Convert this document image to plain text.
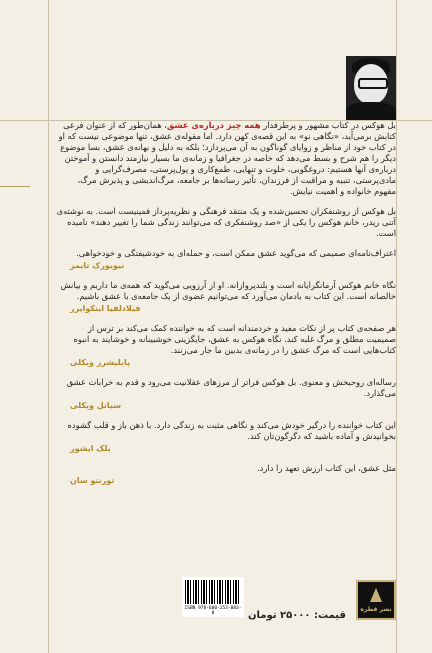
بل هوکس در کتاب مشهور و پرطرفدار همه چیز درباره‌ی عشق، همان‌طور که از عنوان فرعی کتابش برمی‌آید، «نگاهی نو» به این قصه‌ی کهن دارد. اما مقوله‌ی عشق، تنها موضوعی نیست که او در کتاب خود از مناظر و زوایای گوناگون به آن می‌پردازد؛ بلکه به دلیل و بهانه‌ی عشق، بسا موضوع دیگر را هم شرح و بسط می‌دهد که خاصه در جغرافیا و زمانه‌ی ما بسیار نیازمند دانستن و آموختن درباره‌ی آنها هستیم: دروغگویی، خلوت و تنهایی، طمع‌کاری و پول‌پرستی، مصرف‌گرایی و مادی‌پرستی، تنبیه و مراقبت از فرزندان، تأثیر رسانه‌ها بر جامعه، مرگ‌اندیشی و پذیرش مرگ، مفهوم خانواده و اهمیت نیایش.

بل هوکس از روشنفکران تحسین‌شده و یک منتقد فرهنگی و نظریه‌پرداز فمینیست است. به نوشته‌ی آتنی ریدر، خانم هوکس را یکی از «صد روشنفکری که می‌توانند زندگی شما را تغییر دهند» نامیده است.

اعتراف‌نامه‌ای صمیمی که می‌گوید عشق ممکن است، و حمله‌ای به خودشیفتگی و خودخواهی.
نیویورک تایمز

نگاه خانم هوکس آرمانگرایانه است و بلندپروازانه. او از آرزویی می‌گوید که همه‌ی ما داریم و بیانش خالصانه است. این کتاب به یادمان می‌آورد که می‌توانیم عضوی از یک جامعه‌ی با عشق باشیم.
فیلادلفیا اینکوایرر

هر صفحه‌ی کتاب پر از نکات مفید و خردمندانه است که به خواننده کمک می‌کند بر ترس از صمیمیت مطلق و مرگ غلبه کند. نگاه هوکس به عشق، جایگزینی خوشبینانه و خوشایند به انبوه کتاب‌هایی است که مرگ عشق را در زمانه‌ی بدبین ما جار می‌زنند.
پابلیشرز ویکلی

رساله‌ای روحبخش و معنوی. بل هوکس فراتر از مرزهای عقلانیت می‌رود و قدم به خرابات عشق می‌گذارد.
سیاتل ویکلی

این کتاب خواننده را درگیر خودش می‌کند و نگاهی مثبت به زندگی دارد. با ذهن باز و قلب گشوده بخوانیدش و آماده باشید که دگرگون‌تان کند.
بلک ایشوز

مثل عشق، این کتاب ارزش تعهد را دارد.
تورنتو سان

ISBN 978-600-253-083-8	قیمت: ۲۵۰۰۰ تومان
نشر قطره
